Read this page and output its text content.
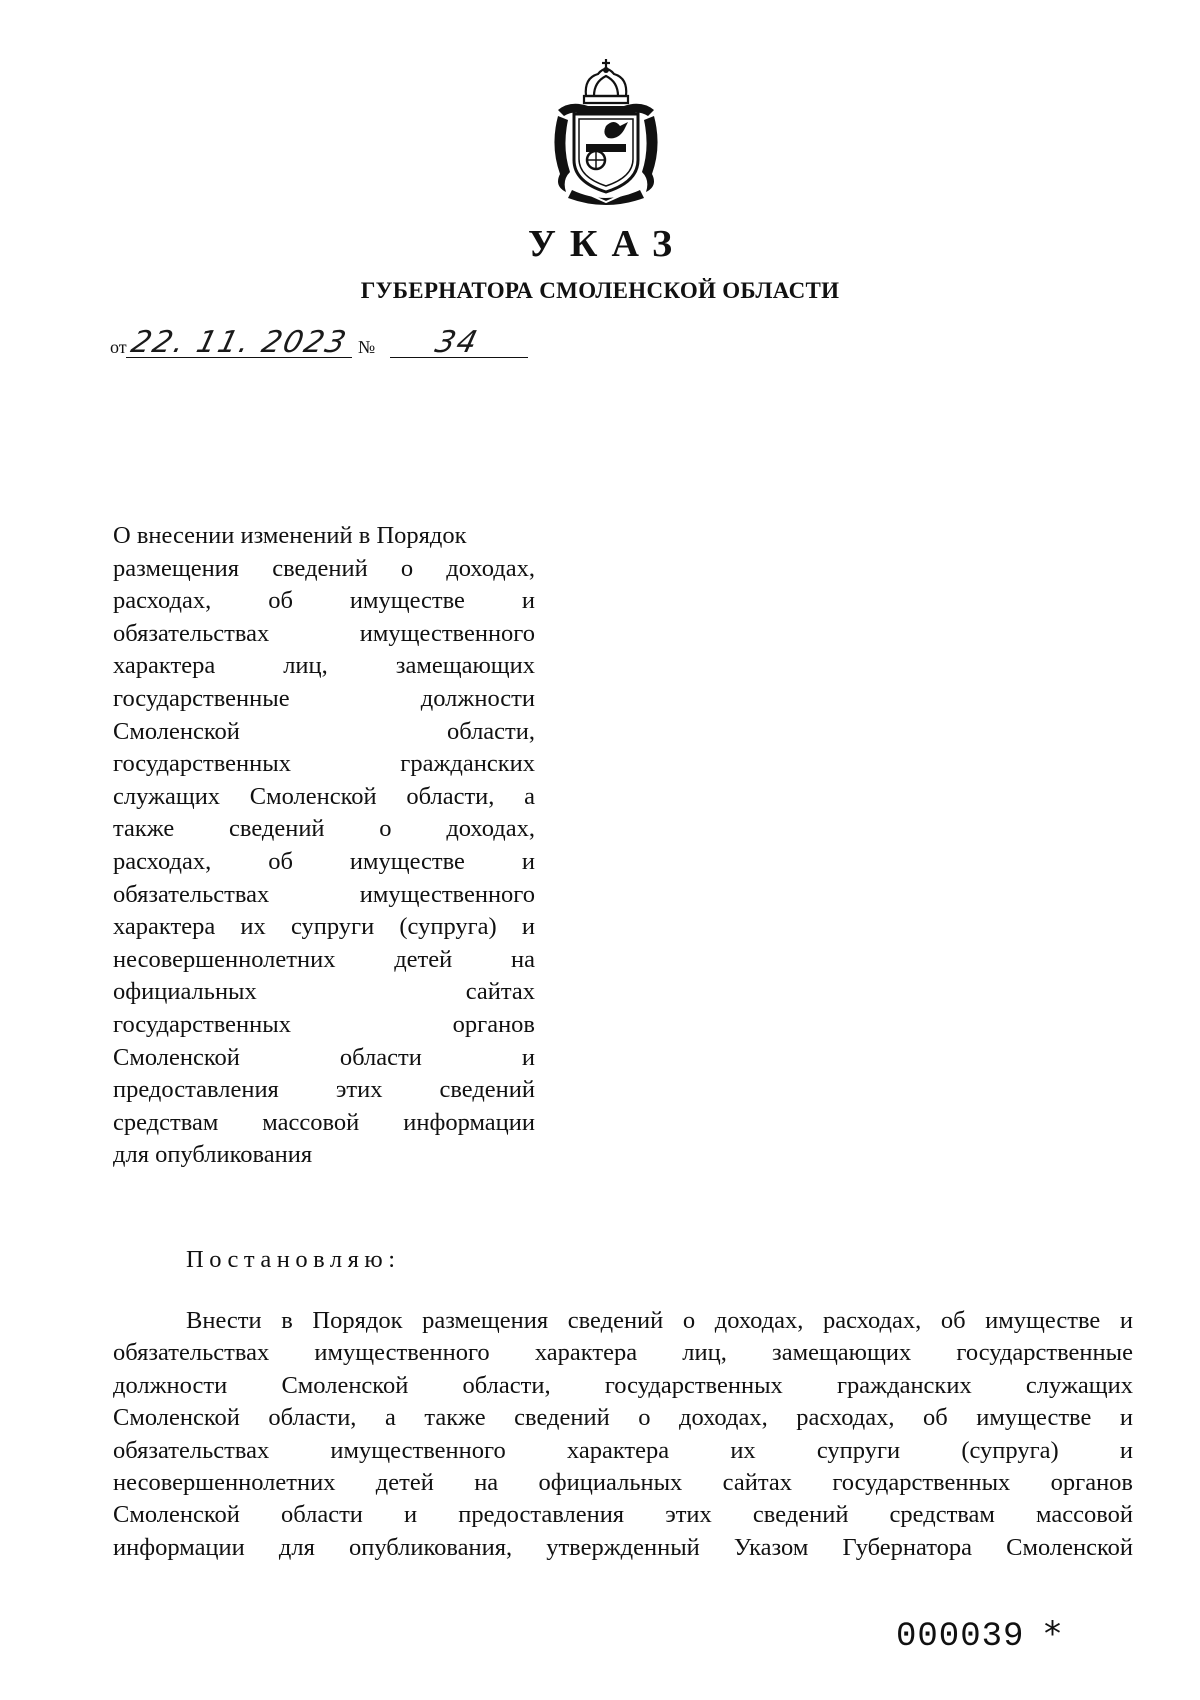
УКАЗ
ГУБЕРНАТОРА СМОЛЕНСКОЙ ОБЛАСТИ
от 22. 11. 2023 № 34
О внесении изменений в Порядок
размещения сведений о доходах,
расходах, об имуществе и
обязательствах имущественного
характера лиц, замещающих
государственные должности
Смоленской области,
государственных гражданских
служащих Смоленской области, а
также сведений о доходах,
расходах, об имуществе и
обязательствах имущественного
характера их супруги (супруга) и
несовершеннолетних детей на
официальных сайтах
государственных органов
Смоленской области и
предоставления этих сведений
средствам массовой информации
для опубликования
Постановляю:
Внести в Порядок размещения сведений о доходах, расходах, об имуществе и
обязательствах имущественного характера лиц, замещающих государственные
должности Смоленской области, государственных гражданских служащих
Смоленской области, а также сведений о доходах, расходах, об имуществе и
обязательствах имущественного характера их супруги (супруга) и
несовершеннолетних детей на официальных сайтах государственных органов
Смоленской области и предоставления этих сведений средствам массовой
информации для опубликования, утвержденный Указом Губернатора Смоленской
000039 *
